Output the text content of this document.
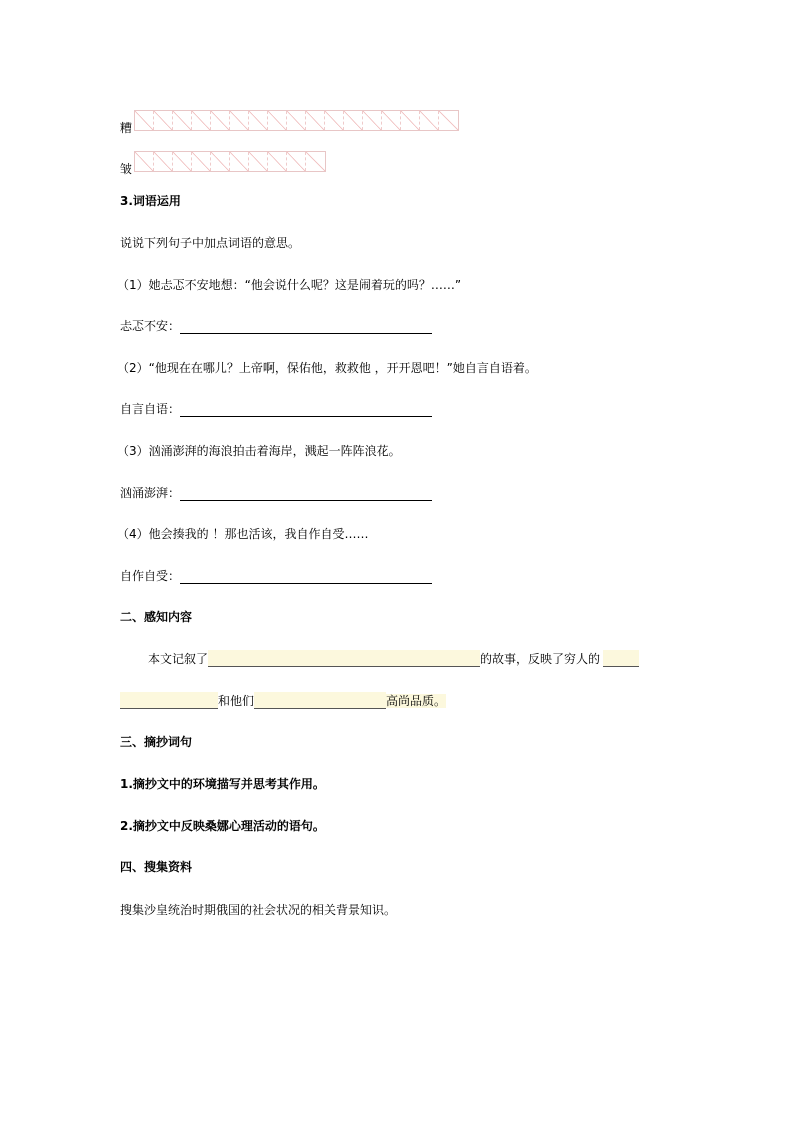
糟
皱
3.词语运用
说说下列句子中加点词语的意思。
（1）她忐忑不安地想：“他会说什么呢？这是闹着玩的吗？……”
忐忑不安：
（2）“他现在在哪儿？上帝啊，保佑他，救救他 ，开开恩吧！”她自言自语着。
自言自语：
（3）汹涌澎湃的海浪拍击着海岸，溅起一阵阵浪花。
汹涌澎湃：
（4）他会揍我的 ！那也活该，我自作自受……
自作自受：
二、感知内容
本文记叙了	的故事，反映了穷人的
和他们	高尚品质。
三、摘抄词句
1.摘抄文中的环境描写并思考其作用。
2.摘抄文中反映桑娜心理活动的语句。
四、搜集资料
搜集沙皇统治时期俄国的社会状况的相关背景知识。
